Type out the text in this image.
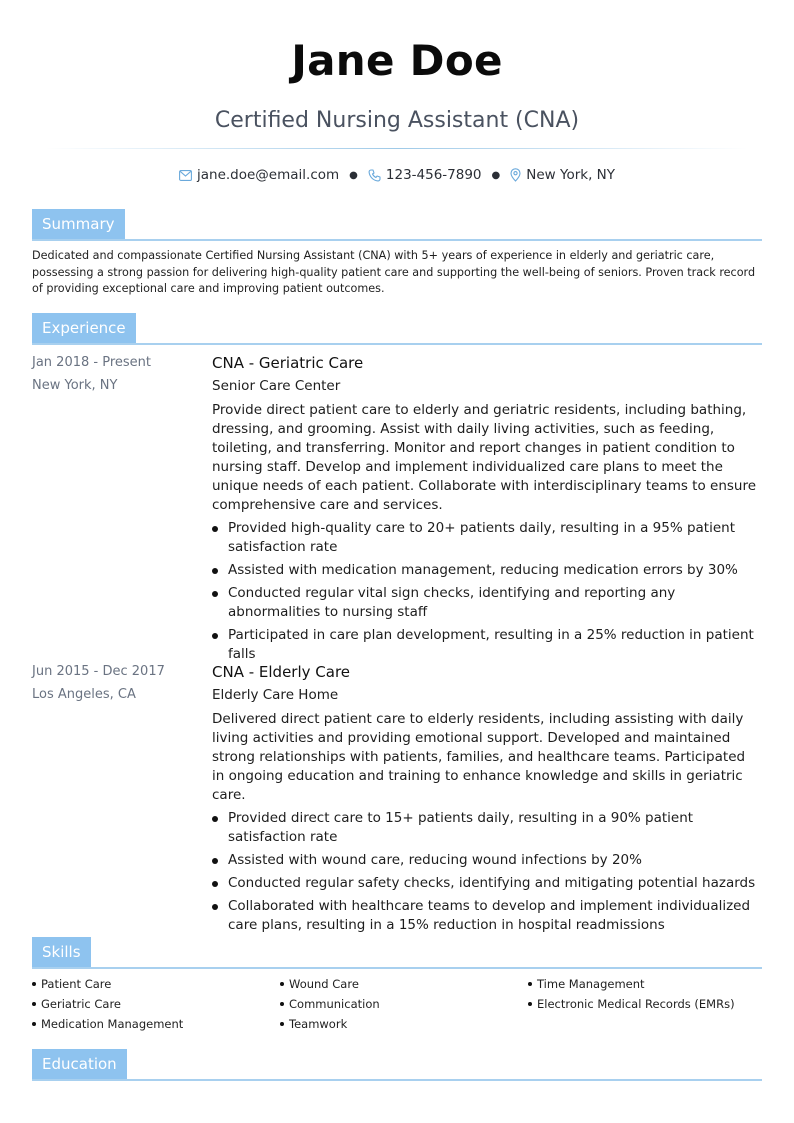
Jane Doe
Certified Nursing Assistant (CNA)
jane.doe@email.com ● 123-456-7890 ● New York, NY
Summary
Dedicated and compassionate Certified Nursing Assistant (CNA) with 5+ years of experience in elderly and geriatric care, possessing a strong passion for delivering high-quality patient care and supporting the well-being of seniors. Proven track record of providing exceptional care and improving patient outcomes.
Experience
Jan 2018 - Present
New York, NY
CNA - Geriatric Care
Senior Care Center

Provide direct patient care to elderly and geriatric residents, including bathing, dressing, and grooming. Assist with daily living activities, such as feeding, toileting, and transferring. Monitor and report changes in patient condition to nursing staff. Develop and implement individualized care plans to meet the unique needs of each patient. Collaborate with interdisciplinary teams to ensure comprehensive care and services.

Provided high-quality care to 20+ patients daily, resulting in a 95% patient satisfaction rate
Assisted with medication management, reducing medication errors by 30%
Conducted regular vital sign checks, identifying and reporting any abnormalities to nursing staff
Participated in care plan development, resulting in a 25% reduction in patient falls
Jun 2015 - Dec 2017
Los Angeles, CA
CNA - Elderly Care
Elderly Care Home

Delivered direct patient care to elderly residents, including assisting with daily living activities and providing emotional support. Developed and maintained strong relationships with patients, families, and healthcare teams. Participated in ongoing education and training to enhance knowledge and skills in geriatric care.

Provided direct care to 15+ patients daily, resulting in a 90% patient satisfaction rate
Assisted with wound care, reducing wound infections by 20%
Conducted regular safety checks, identifying and mitigating potential hazards
Collaborated with healthcare teams to develop and implement individualized care plans, resulting in a 15% reduction in hospital readmissions
Skills
Patient Care	Wound Care	Time Management
Geriatric Care	Communication	Electronic Medical Records (EMRs)
Medication Management	Teamwork
Education
